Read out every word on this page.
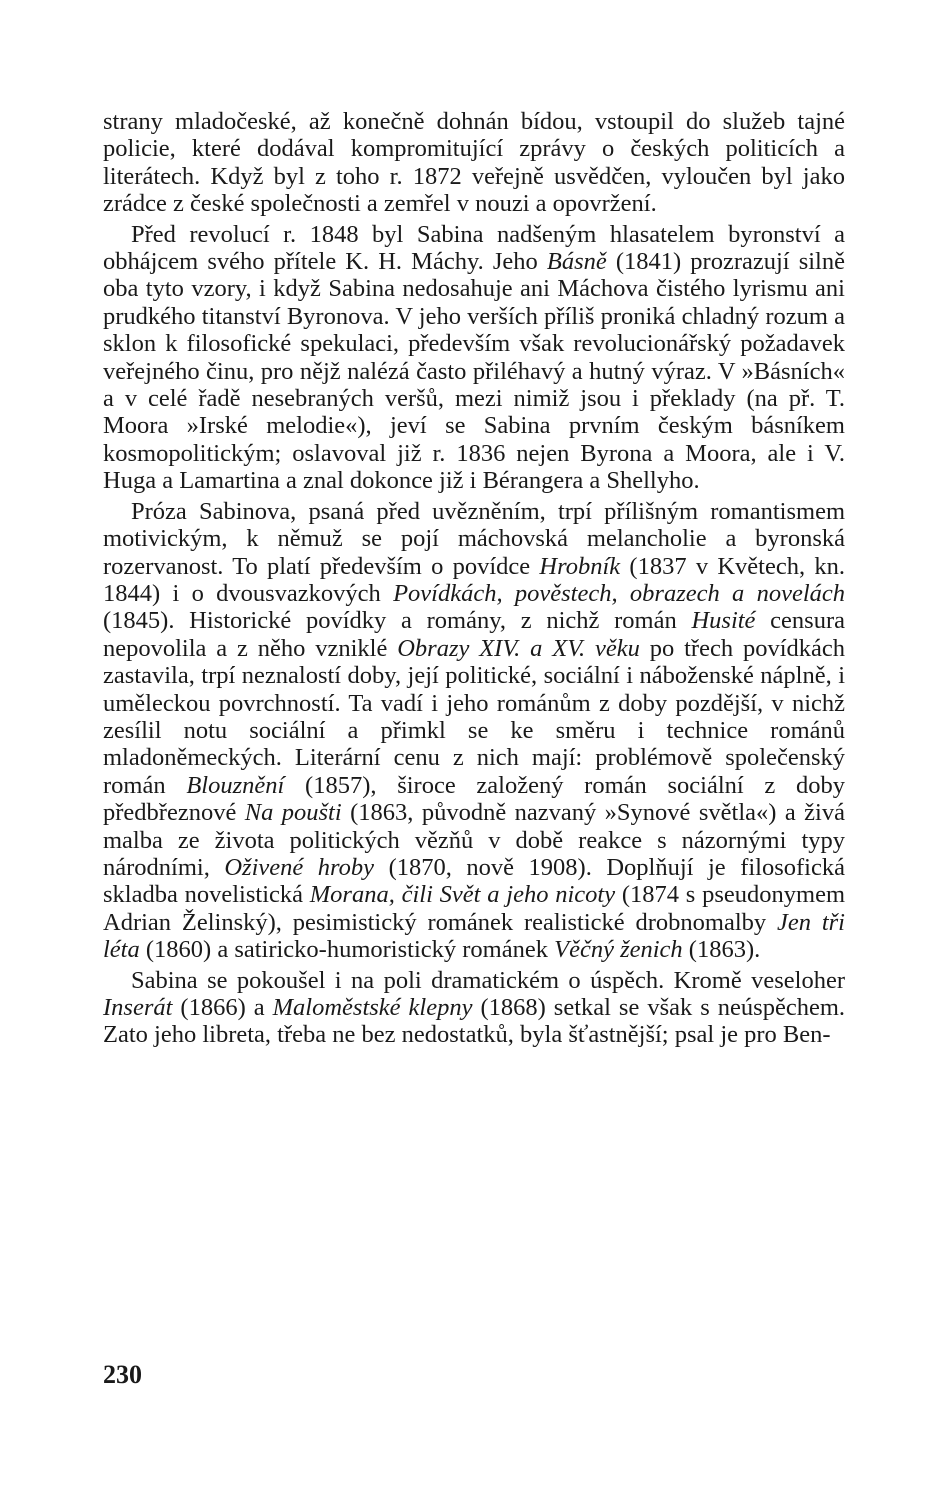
strany mladočeské, až konečně dohnán bídou, vstoupil do služeb tajné policie, které dodával kompromitující zprávy o českých politicích a literátech. Když byl z toho r. 1872 veřejně usvědčen, vyloučen byl jako zrádce z české společnosti a zemřel v nouzi a opovržení.

Před revolucí r. 1848 byl Sabina nadšeným hlasatelem byronství a obhájcem svého přítele K. H. Máchy. Jeho Básně (1841) prozrazují silně oba tyto vzory, i když Sabina nedosahuje ani Máchova čistého lyrismu ani prudkého titanství Byronova. V jeho verších příliš proniká chladný rozum a sklon k filosofické spekulaci, především však revolucionářský požadavek veřejného činu, pro nějž nalézá často přiléhavý a hutný výraz. V »Básních« a v celé řadě nesebraných veršů, mezi nimiž jsou i překlady (na př. T. Moora »Irské melodie«), jeví se Sabina prvním českým básníkem kosmopolitickým; oslavoval již r. 1836 nejen Byrona a Moora, ale i V. Huga a Lamartina a znal dokonce již i Bérangera a Shellyho.

Próza Sabinova, psaná před uvězněním, trpí přílišným romantismem motivickým, k němuž se pojí máchovská melancholie a byronská rozervanost. To platí především o povídce Hrobník (1837 v Květech, kn. 1844) i o dvousvazkových Povídkách, pověstech, obrazech a novelách (1845). Historické povídky a romány, z nichž román Husité censura nepovolila a z něho vzniklé Obrazy XIV. a XV. věku po třech povídkách zastavila, trpí neznalostí doby, její politické, sociální i náboženské náplně, i uměleckou povrchností. Ta vadí i jeho románům z doby pozdější, v nichž zesílil notu sociální a přimkl se ke směru i technice románů mladoněmeckých. Literární cenu z nich mají: problémově společenský román Blouznění (1857), široce založený román sociální z doby předbřeznové Na poušti (1863, původně nazvaný »Synové světla«) a živá malba ze života politických vězňů v době reakce s názornými typy národními, Oživené hroby (1870, nově 1908). Doplňují je filosofická skladba novelistická Morana, čili Svět a jeho nicoty (1874 s pseudonymem Adrian Želinský), pesimistický románek realistické drobnomalby Jen tři léta (1860) a satiricko-humoristický románek Věčný ženich (1863).

Sabina se pokoušel i na poli dramatickém o úspěch. Kromě veseloher Inserát (1866) a Maloměstské klepny (1868) setkal se však s neúspěchem. Zato jeho libreta, třeba ne bez nedostatků, byla šťastnější; psal je pro Ben-

230
